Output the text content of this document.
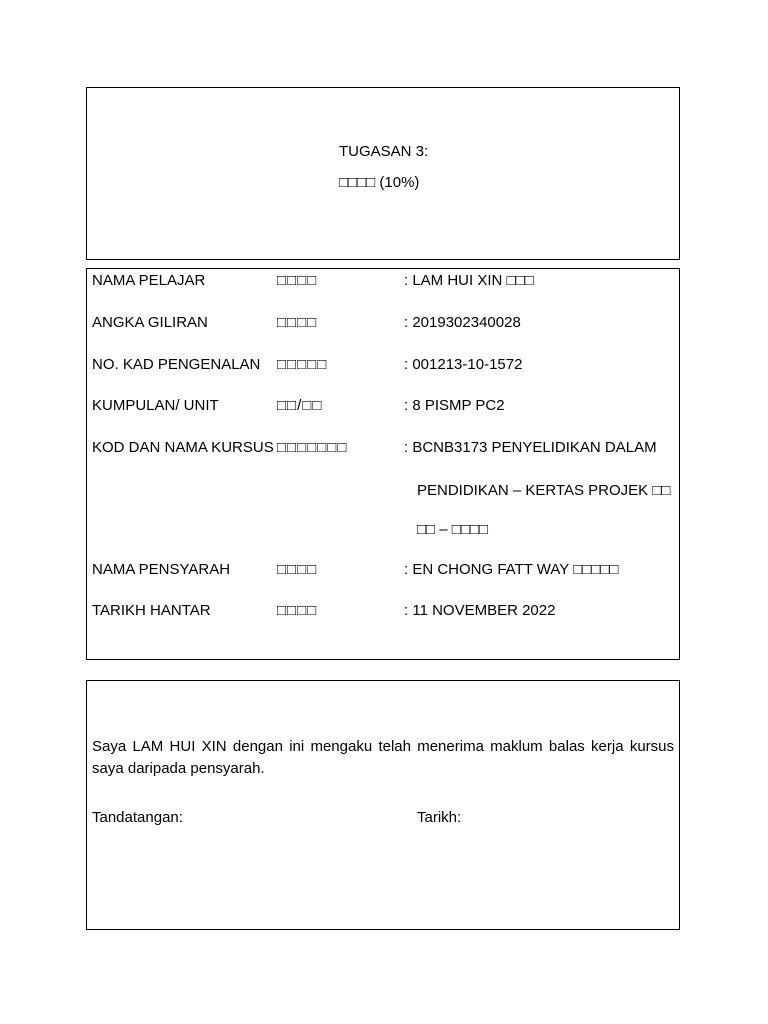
TUGASAN 3:
□□□□ (10%)
NAMA PELAJAR	□□□□	: LAM HUI XIN □□□
ANGKA GILIRAN	□□□□	: 2019302340028
NO. KAD PENGENALAN □□□□□	: 001213-10-1572
KUMPULAN/ UNIT	□□/□□	: 8 PISMP PC2
KOD DAN NAMA KURSUS □□□□□□□	: BCNB3173 PENYELIDIKAN DALAM
PENDIDIKAN – KERTAS PROJEK □□
□□ – □□□□
NAMA PENSYARAH	□□□□	: EN CHONG FATT WAY □□□□□
TARIKH HANTAR	□□□□	: 11 NOVEMBER 2022
Saya LAM HUI XIN dengan ini mengaku telah menerima maklum balas kerja kursus saya daripada pensyarah.
Tandatangan:	Tarikh:
